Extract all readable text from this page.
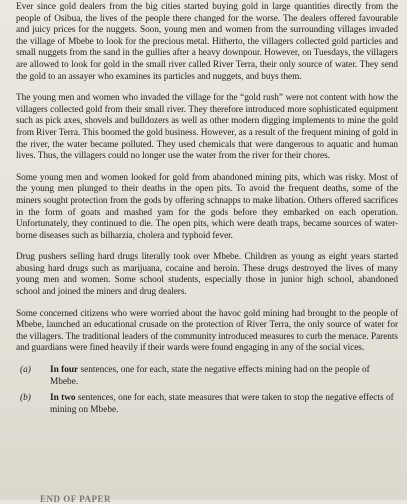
Ever since gold dealers from the big cities started buying gold in large quantities directly from the people of Osibua, the lives of the people there changed for the worse. The dealers offered favourable and juicy prices for the nuggets. Soon, young men and women from the surrounding villages invaded the village of Mbebe to look for the precious metal. Hitherto, the villagers collected gold particles and small nuggets from the sand in the gullies after a heavy downpour. However, on Tuesdays, the villagers are allowed to look for gold in the small river called River Terra, their only source of water. They send the gold to an assayer who examines its particles and nuggets, and buys them.

The young men and women who invaded the village for the “gold rush” were not content with how the villagers collected gold from their small river. They therefore introduced more sophisticated equipment such as pick axes, shovels and bulldozers as well as other modern digging implements to mine the gold from River Terra. This boomed the gold business. However, as a result of the frequent mining of gold in the river, the water became polluted. They used chemicals that were dangerous to aquatic and human lives. Thus, the villagers could no longer use the water from the river for their chores.

Some young men and women looked for gold from abandoned mining pits, which was risky. Most of the young men plunged to their deaths in the open pits. To avoid the frequent deaths, some of the miners sought protection from the gods by offering schnapps to make libation. Others offered sacrifices in the form of goats and mashed yam for the gods before they embarked on each operation. Unfortunately, they continued to die. The open pits, which were death traps, became sources of water-borne diseases such as bilharzia, cholera and typhoid fever.

Drug pushers selling hard drugs literally took over Mbebe. Children as young as eight years started abusing hard drugs such as marijuana, cocaine and heroin. These drugs destroyed the lives of many young men and women. Some school students, especially those in junior high school, abandoned school and joined the miners and drug dealers.

Some concerned citizens who were worried about the havoc gold mining had brought to the people of Mbebe, launched an educational crusade on the protection of River Terra, the only source of water for the villagers. The traditional leaders of the community introduced measures to curb the menace. Parents and guardians were fined heavily if their wards were found engaging in any of the social vices.

(a)	In four sentences, one for each, state the negative effects mining had on the people of Mbebe.
(b)	In two sentences, one for each, state measures that were taken to stop the negative effects of mining on Mbebe.
END OF PAPER
